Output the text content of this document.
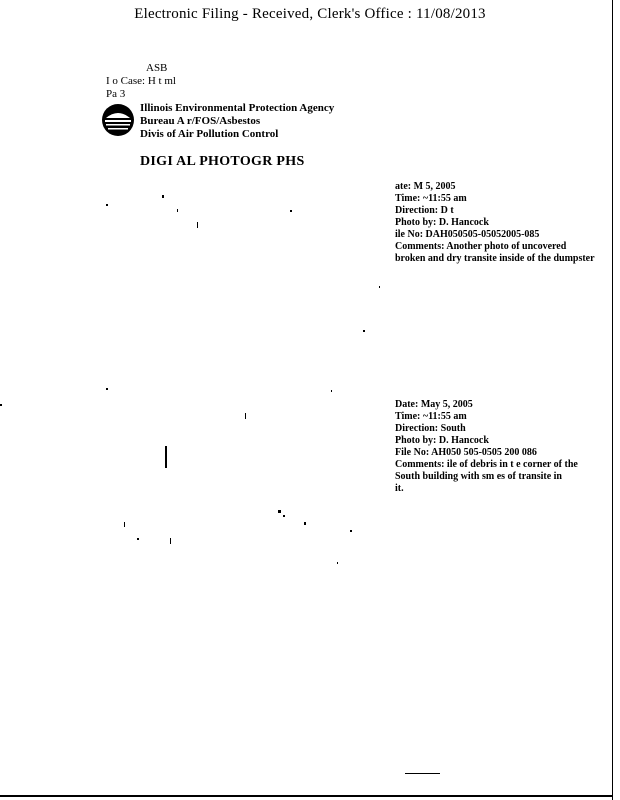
Electronic Filing - Received, Clerk's Office : 11/08/2013
ASB
I o Case: H t ml
Pa 3
Illinois Environmental Protection Agency
Bureau A r/FOS/Asbestos
Divis of Air Pollution Control
DIGI AL PHOTOGR PHS
ate: M 5, 2005
Time: ~11:55 am
Direction: D t
Photo by: D. Hancock
ile No: DAH050505-05052005-085
Comments: Another photo of uncovered
broken and dry transite inside of the dumpster
Date: May 5, 2005
Time: ~11:55 am
Direction: South
Photo by: D. Hancock
File No: AH050 505-0505 200 086
Comments: ile of debris in t e corner of the
South building with sm es of transite in
it.
